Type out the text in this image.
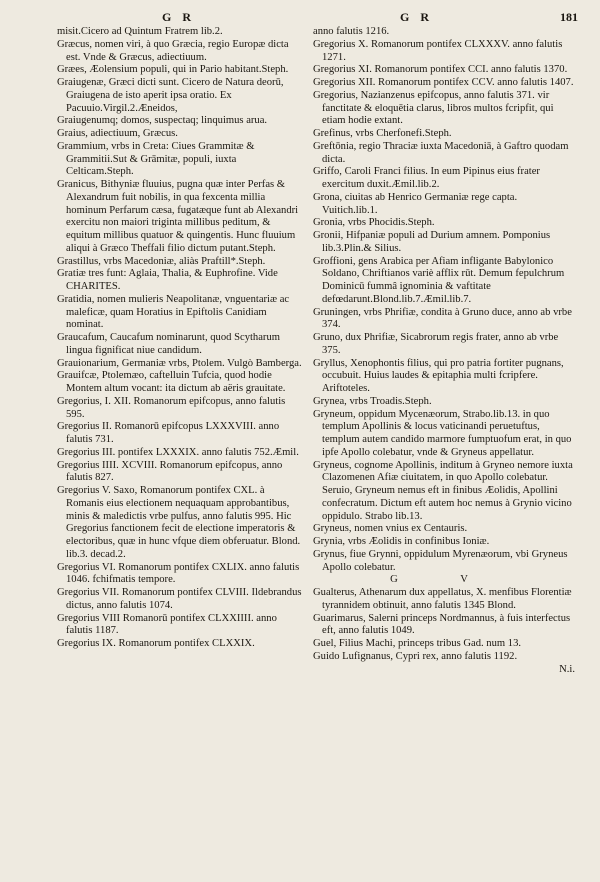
G R	G R	181

misit.Cicero ad Quintum Fratrem lib.2.

Græcus, nomen viri, à quo Græcia, regio Europæ dicta est. Vnde & Græcus, adiectiuum.

Græes, Æolensium populi, qui in Pario habitant.Steph.

Graiugenæ, Græci dicti sunt. Cicero de Natura deorū, Graiugena de isto aperit ipsa oratio. Ex Pacuuio.Virgil.2.Æneidos,

Graiugenumq; domos, suspectaq; linquimus arua.

Graius, adiectiuum, Græcus.

Grammium, vrbs in Creta: Ciues Grammitæ & Grammitii.Sut & Grāmitæ, populi, iuxta Celticam.Steph.

Granicus, Bithyniæ fluuius, pugna quæ inter Perfas & Alexandrum fuit nobilis, in qua fexcenta millia hominum Perfarum cæsa, fugatæque funt ab Alexandri exercitu non maiori triginta millibus peditum, & equitum millibus quatuor & quingentis. Hunc fluuium aliqui à Græco Theffali filio dictum putant.Steph.

Grastillus, vrbs Macedoniæ, aliàs Praftill*.Steph.

Gratiæ tres funt: Aglaia, Thalia, & Euphrofine. Vide CHARITES.

Gratidia, nomen mulieris Neapolitanæ, vnguentariæ ac maleficæ, quam Horatius in Epiftolis Canidiam nominat.

Graucafum, Caucafum nominarunt, quod Scytharum lingua fignificat niue candidum.

Grauionarium, Germaniæ vrbs, Ptolem. Vulgò Bamberga.

Grauifcæ, Ptolemæo, caftelluin Tufcia, quod hodie Montem altum vocant: ita dictum ab aëris grauitate.

Gregorius, I. XII. Romanorum epifcopus, anno falutis 595.

Gregorius II. Romanorū epifcopus LXXXVIII. anno falutis 731.

Gregorius III. pontifex LXXXIX. anno falutis 752.Æmil.

Gregorius IIII. XCVIII. Romanorum epifcopus, anno falutis 827.

Gregorius V. Saxo, Romanorum pontifex CXL. à Romanis eius electionem nequaquam approbantibus, minis & maledictis vrbe pulfus, anno falutis 995. Hic Gregorius fanctionem fecit de electione imperatoris & electoribus, quæ in hunc vfque diem obferuatur. Blond. lib.3. decad.2.

Gregorius VI. Romanorum pontifex CXLIX. anno falutis 1046. fchifmatis tempore.

Gregorius VII. Romanorum pontifex CLVIII. Ildebrandus dictus, anno falutis 1074.

Gregorius VIII Romanorū pontifex CLXXIIII. anno falutis 1187.

Gregorius IX. Romanorum pontifex CLXXIX.

anno falutis 1216.

Gregorius X. Romanorum pontifex CLXXXV. anno falutis 1271.

Gregorius XI. Romanorum pontifex CCI. anno falutis 1370.

Gregorius XII. Romanorum pontifex CCV. anno falutis 1407.

Gregorius, Nazianzenus epifcopus, anno falutis 371. vir fanctitate & eloquētia clarus, libros multos fcripfit, qui etiam hodie extant.

Grefinus, vrbs Cherfonefi.Steph.

Greftōnia, regio Thraciæ iuxta Macedoniā, à Gaftro quodam dicta.

Griffo, Caroli Franci filius. In eum Pipinus eius frater exercitum duxit.Æmil.lib.2.

Grona, ciuitas ab Henrico Germaniæ rege capta. Vuitich.lib.1.

Gronia, vrbs Phocidis.Steph.

Gronii, Hifpaniæ populi ad Durium amnem. Pomponius lib.3.Plin.& Silius.

Groffioni, gens Arabica per Afiam infligante Babylonico Soldano, Chriftianos variè afflix rūt. Demum fepulchrum Dominicū fummâ ignominia & vaftitate defœdarunt.Blond.lib.7.Æmil.lib.7.

Gruningen, vrbs Phrifiæ, condita à Gruno duce, anno ab vrbe 374.

Gruno, dux Phrifiæ, Sicabrorum regis frater, anno ab vrbe 375.

Gryllus, Xenophontis filius, qui pro patria fortiter pugnans, occubuit. Huius laudes & epitaphia multi fcripfere. Ariftoteles.

Grynea, vrbs Troadis.Steph.

Gryneum, oppidum Mycenæorum, Strabo.lib.13. in quo templum Apollinis & locus vaticinandi peruetuftus, templum autem candido marmore fumptuofum erat, in quo ipfe Apollo colebatur, vnde & Gryneus appellatur.

Gryneus, cognome Apollinis, inditum à Gryneo nemore iuxta Clazomenen Afiæ ciuitatem, in quo Apollo colebatur. Seruio, Gryneum nemus eft in finibus Æolidis, Apollini confecratum. Dictum eft autem hoc nemus à Grynio vicino oppidulo. Strabo lib.13.

Gryneus, nomen vnius ex Centauris.

Grynia, vrbs Æolidis in confinibus Ioniæ.

Grynus, fiue Grynni, oppidulum Myrenæorum, vbi Gryneus Apollo colebatur.

G V

Gualterus, Athenarum dux appellatus, X. menfibus Florentiæ tyrannidem obtinuit, anno falutis 1345 Blond.

Guarimarus, Salerni princeps Nordmannus, à fuis interfectus eft, anno falutis 1049.

Guel, Filius Machi, princeps tribus Gad. num 13.

Guido Lufignanus, Cypri rex, anno falutis 1192.

N.i.
